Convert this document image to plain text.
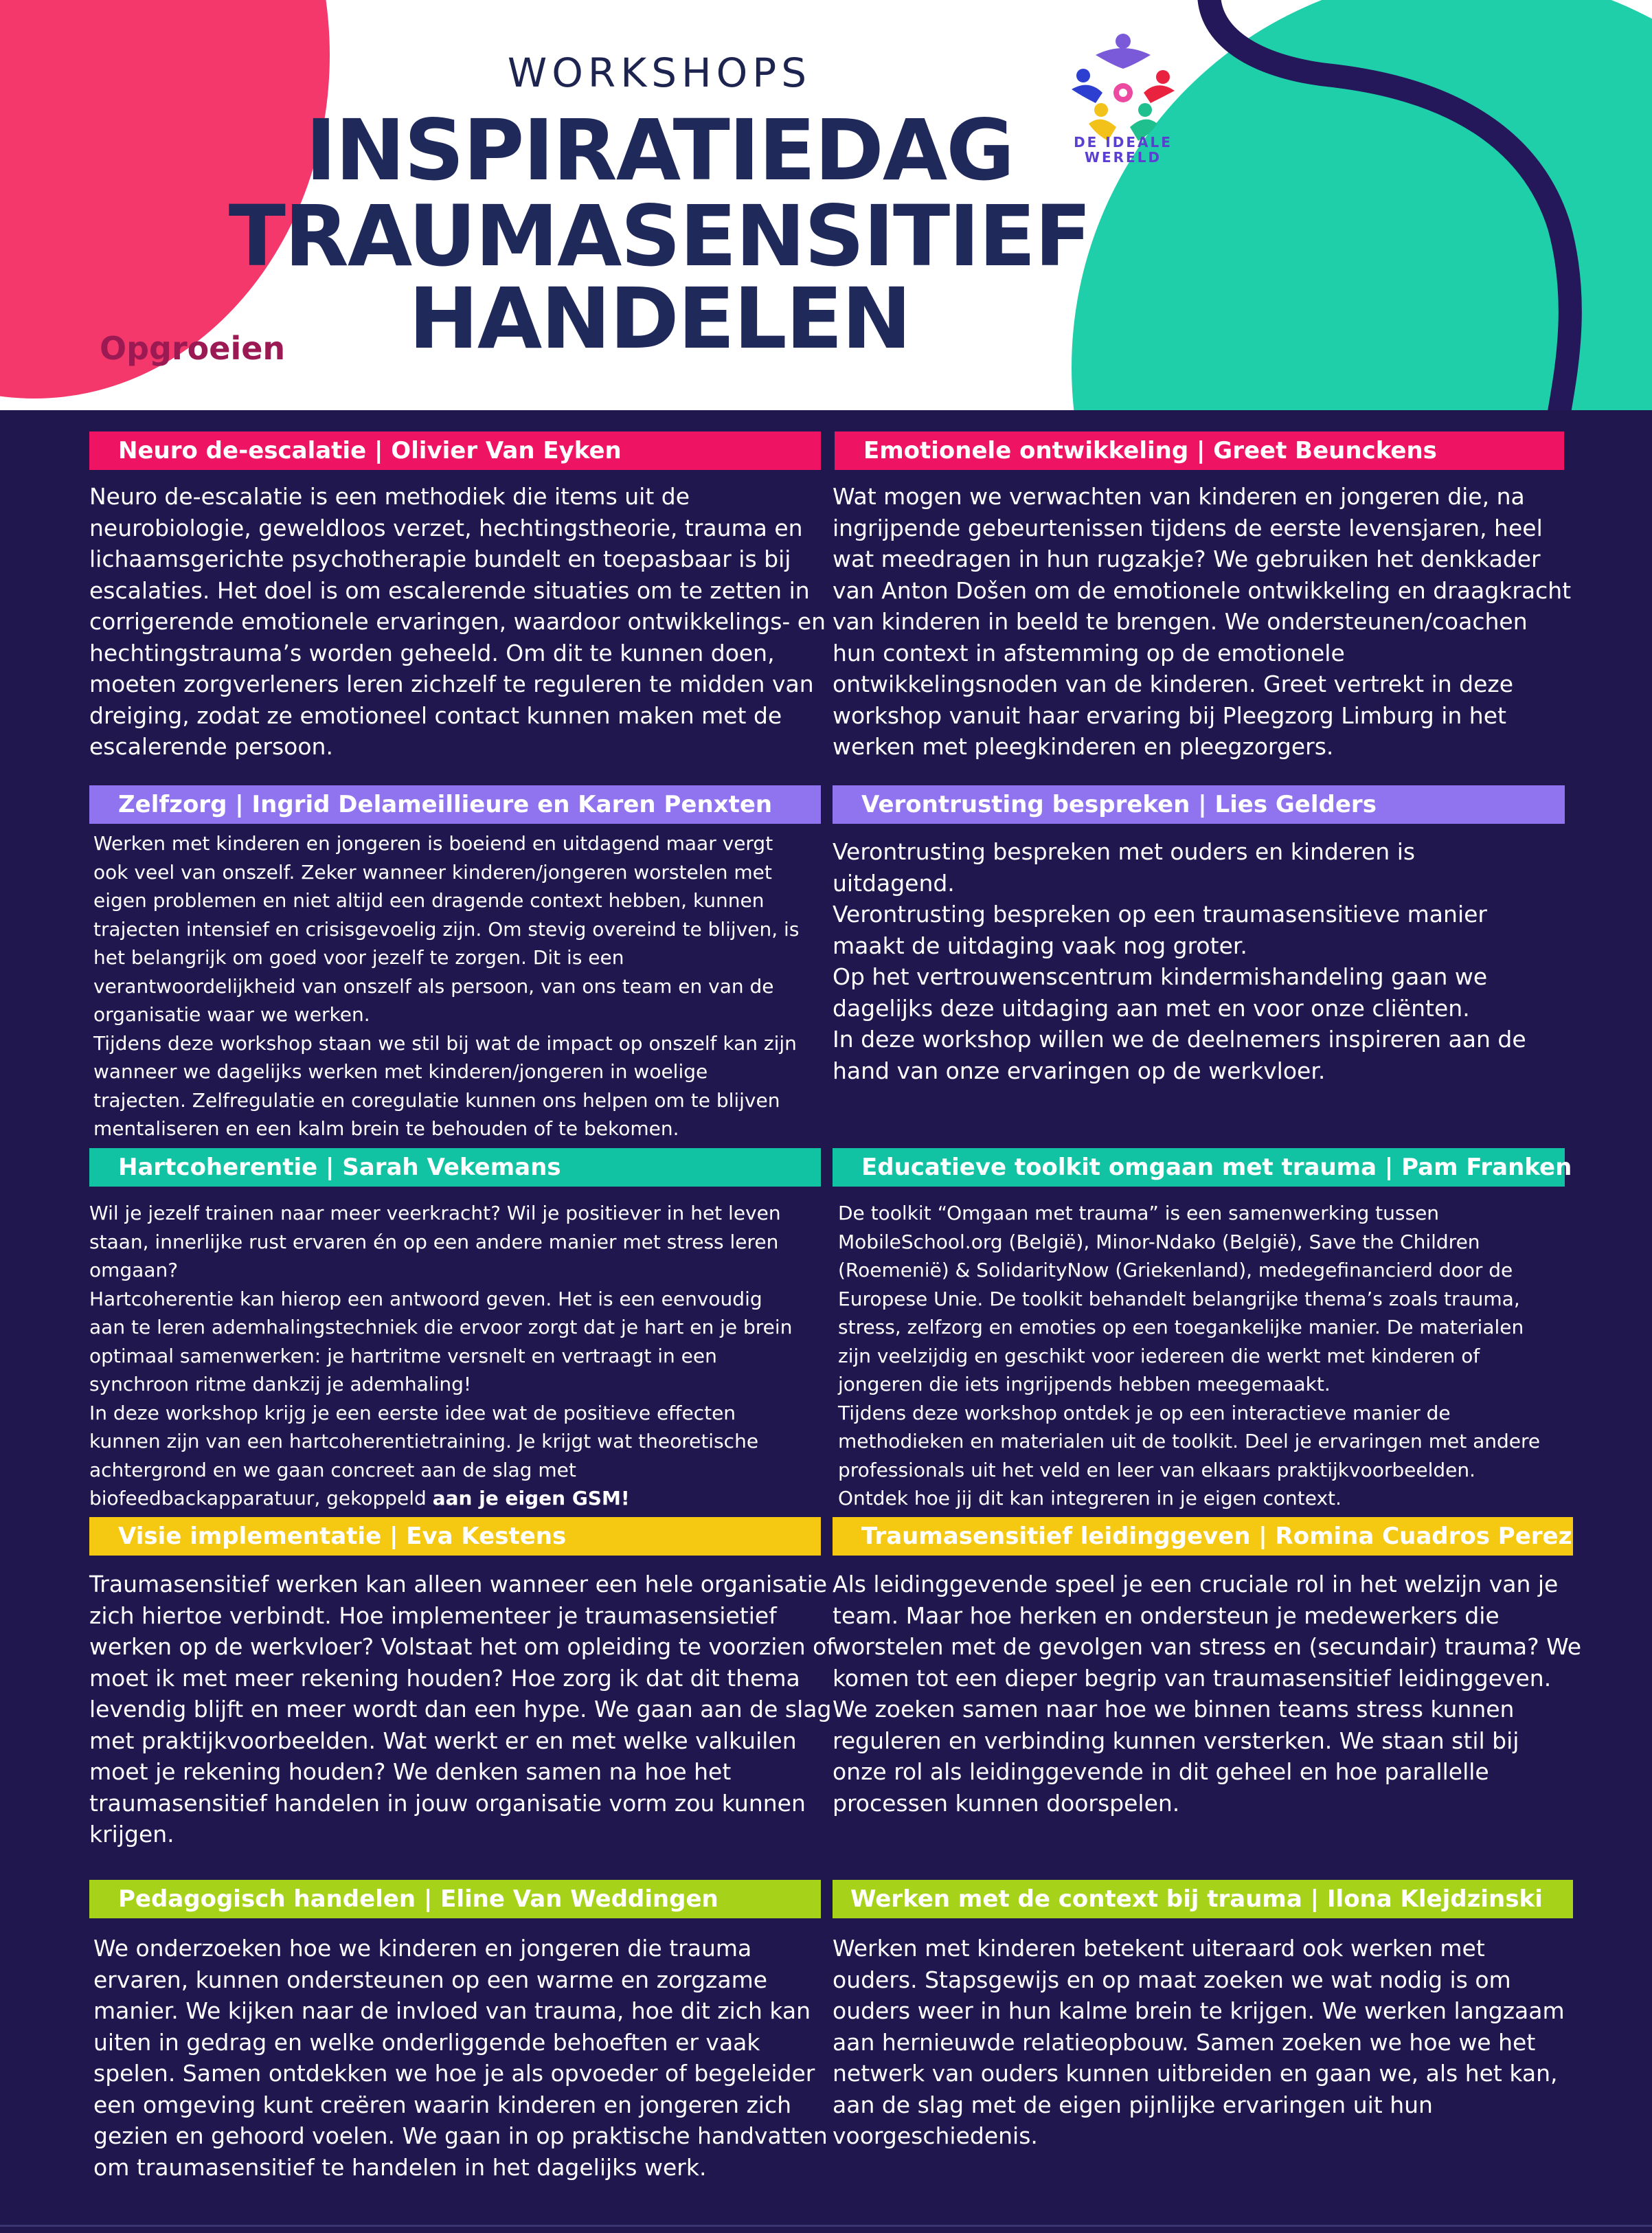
WORKSHOPS
INSPIRATIEDAG
TRAUMASENSITIEF
HANDELEN
Opgroeien
DE IDEALE
WERELD
Neuro de-escalatie | Olivier Van Eyken
Neuro de-escalatie is een methodiek die items uit de
neurobiologie, geweldloos verzet, hechtingstheorie, trauma en
lichaamsgerichte psychotherapie bundelt en toepasbaar is bij
escalaties. Het doel is om escalerende situaties om te zetten in
corrigerende emotionele ervaringen, waardoor ontwikkelings- en
hechtingstrauma’s worden geheeld. Om dit te kunnen doen,
moeten zorgverleners leren zichzelf te reguleren te midden van
dreiging, zodat ze emotioneel contact kunnen maken met de
escalerende persoon.
Emotionele ontwikkeling | Greet Beunckens
Wat mogen we verwachten van kinderen en jongeren die, na
ingrijpende gebeurtenissen tijdens de eerste levensjaren, heel
wat meedragen in hun rugzakje? We gebruiken het denkkader
van Anton Došen om de emotionele ontwikkeling en draagkracht
van kinderen in beeld te brengen. We ondersteunen/coachen
hun context in afstemming op de emotionele
ontwikkelingsnoden van de kinderen. Greet vertrekt in deze
workshop vanuit haar ervaring bij Pleegzorg Limburg in het
werken met pleegkinderen en pleegzorgers.
Zelfzorg | Ingrid Delameillieure en Karen Penxten
Werken met kinderen en jongeren is boeiend en uitdagend maar vergt
ook veel van onszelf. Zeker wanneer kinderen/jongeren worstelen met
eigen problemen en niet altijd een dragende context hebben, kunnen
trajecten intensief en crisisgevoelig zijn. Om stevig overeind te blijven, is
het belangrijk om goed voor jezelf te zorgen. Dit is een
verantwoordelijkheid van onszelf als persoon, van ons team en van de
organisatie waar we werken.
Tijdens deze workshop staan we stil bij wat de impact op onszelf kan zijn
wanneer we dagelijks werken met kinderen/jongeren in woelige
trajecten. Zelfregulatie en coregulatie kunnen ons helpen om te blijven
mentaliseren en een kalm brein te behouden of te bekomen.
Verontrusting bespreken | Lies Gelders
Verontrusting bespreken met ouders en kinderen is
uitdagend.
Verontrusting bespreken op een traumasensitieve manier
maakt de uitdaging vaak nog groter.
Op het vertrouwenscentrum kindermishandeling gaan we
dagelijks deze uitdaging aan met en voor onze cliënten.
In deze workshop willen we de deelnemers inspireren aan de
hand van onze ervaringen op de werkvloer.
Hartcoherentie | Sarah Vekemans
Wil je jezelf trainen naar meer veerkracht? Wil je positiever in het leven
staan, innerlijke rust ervaren én op een andere manier met stress leren
omgaan?
Hartcoherentie kan hierop een antwoord geven. Het is een eenvoudig
aan te leren ademhalingstechniek die ervoor zorgt dat je hart en je brein
optimaal samenwerken: je hartritme versnelt en vertraagt in een
synchroon ritme dankzij je ademhaling!
In deze workshop krijg je een eerste idee wat de positieve effecten
kunnen zijn van een hartcoherentietraining. Je krijgt wat theoretische
achtergrond en we gaan concreet aan de slag met
biofeedbackapparatuur, gekoppeld aan je eigen GSM!
Educatieve toolkit omgaan met trauma | Pam Franken
De toolkit “Omgaan met trauma” is een samenwerking tussen
MobileSchool.org (België), Minor-Ndako (België), Save the Children
(Roemenië) & SolidarityNow (Griekenland), medegefinancierd door de
Europese Unie. De toolkit behandelt belangrijke thema’s zoals trauma,
stress, zelfzorg en emoties op een toegankelijke manier. De materialen
zijn veelzijdig en geschikt voor iedereen die werkt met kinderen of
jongeren die iets ingrijpends hebben meegemaakt.
Tijdens deze workshop ontdek je op een interactieve manier de
methodieken en materialen uit de toolkit. Deel je ervaringen met andere
professionals uit het veld en leer van elkaars praktijkvoorbeelden.
Ontdek hoe jij dit kan integreren in je eigen context.
Visie implementatie | Eva Kestens
Traumasensitief werken kan alleen wanneer een hele organisatie
zich hiertoe verbindt. Hoe implementeer je traumasensietief
werken op de werkvloer? Volstaat het om opleiding te voorzien of
moet ik met meer rekening houden? Hoe zorg ik dat dit thema
levendig blijft en meer wordt dan een hype. We gaan aan de slag
met praktijkvoorbeelden. Wat werkt er en met welke valkuilen
moet je rekening houden? We denken samen na hoe het
traumasensitief handelen in jouw organisatie vorm zou kunnen
krijgen.
Traumasensitief leidinggeven | Romina Cuadros Perez
Als leidinggevende speel je een cruciale rol in het welzijn van je
team. Maar hoe herken en ondersteun je medewerkers die
worstelen met de gevolgen van stress en (secundair) trauma? We
komen tot een dieper begrip van traumasensitief leidinggeven.
We zoeken samen naar hoe we binnen teams stress kunnen
reguleren en verbinding kunnen versterken. We staan stil bij
onze rol als leidinggevende in dit geheel en hoe parallelle
processen kunnen doorspelen.
Pedagogisch handelen | Eline Van Weddingen
We onderzoeken hoe we kinderen en jongeren die trauma
ervaren, kunnen ondersteunen op een warme en zorgzame
manier. We kijken naar de invloed van trauma, hoe dit zich kan
uiten in gedrag en welke onderliggende behoeften er vaak
spelen. Samen ontdekken we hoe je als opvoeder of begeleider
een omgeving kunt creëren waarin kinderen en jongeren zich
gezien en gehoord voelen. We gaan in op praktische handvatten
om traumasensitief te handelen in het dagelijks werk.
Werken met de context bij trauma | Ilona Klejdzinski
Werken met kinderen betekent uiteraard ook werken met
ouders. Stapsgewijs en op maat zoeken we wat nodig is om
ouders weer in hun kalme brein te krijgen. We werken langzaam
aan hernieuwde relatieopbouw. Samen zoeken we hoe we het
netwerk van ouders kunnen uitbreiden en gaan we, als het kan,
aan de slag met de eigen pijnlijke ervaringen uit hun
voorgeschiedenis.
